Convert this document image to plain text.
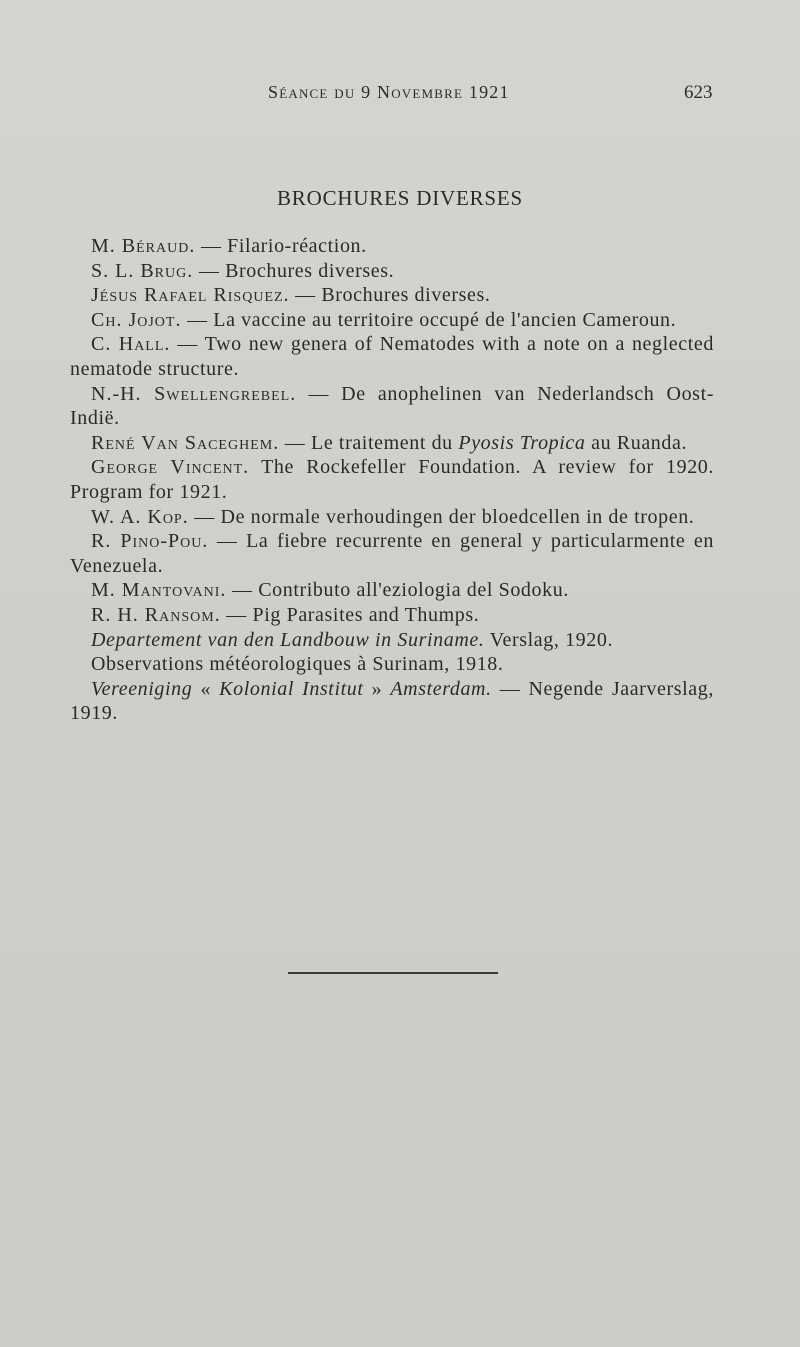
Séance du 9 Novembre 1921	623
BROCHURES DIVERSES

M. Béraud. — Filario-réaction.

S. L. Brug. — Brochures diverses.

Jésus Rafael Risquez. — Brochures diverses.

Ch. Jojot. — La vaccine au territoire occupé de l'ancien Cameroun.

C. Hall. — Two new genera of Nematodes with a note on a neglected nematode structure.

N.-H. Swellengrebel. — De anophelinen van Nederlandsch Oost-Indië.

René Van Saceghem. — Le traitement du Pyosis Tropica au Ruanda.

George Vincent. The Rockefeller Foundation. A review for 1920. Program for 1921.

W. A. Kop. — De normale verhoudingen der bloedcellen in de tropen.

R. Pino-Pou. — La fiebre recurrente en general y particularmente en Venezuela.

M. Mantovani. — Contributo all'eziologia del Sodoku.

R. H. Ransom. — Pig Parasites and Thumps.

Departement van den Landbouw in Suriname. Verslag, 1920.

Observations météorologiques à Surinam, 1918.

Vereeniging « Kolonial Institut » Amsterdam. — Negende Jaarverslag, 1919.
